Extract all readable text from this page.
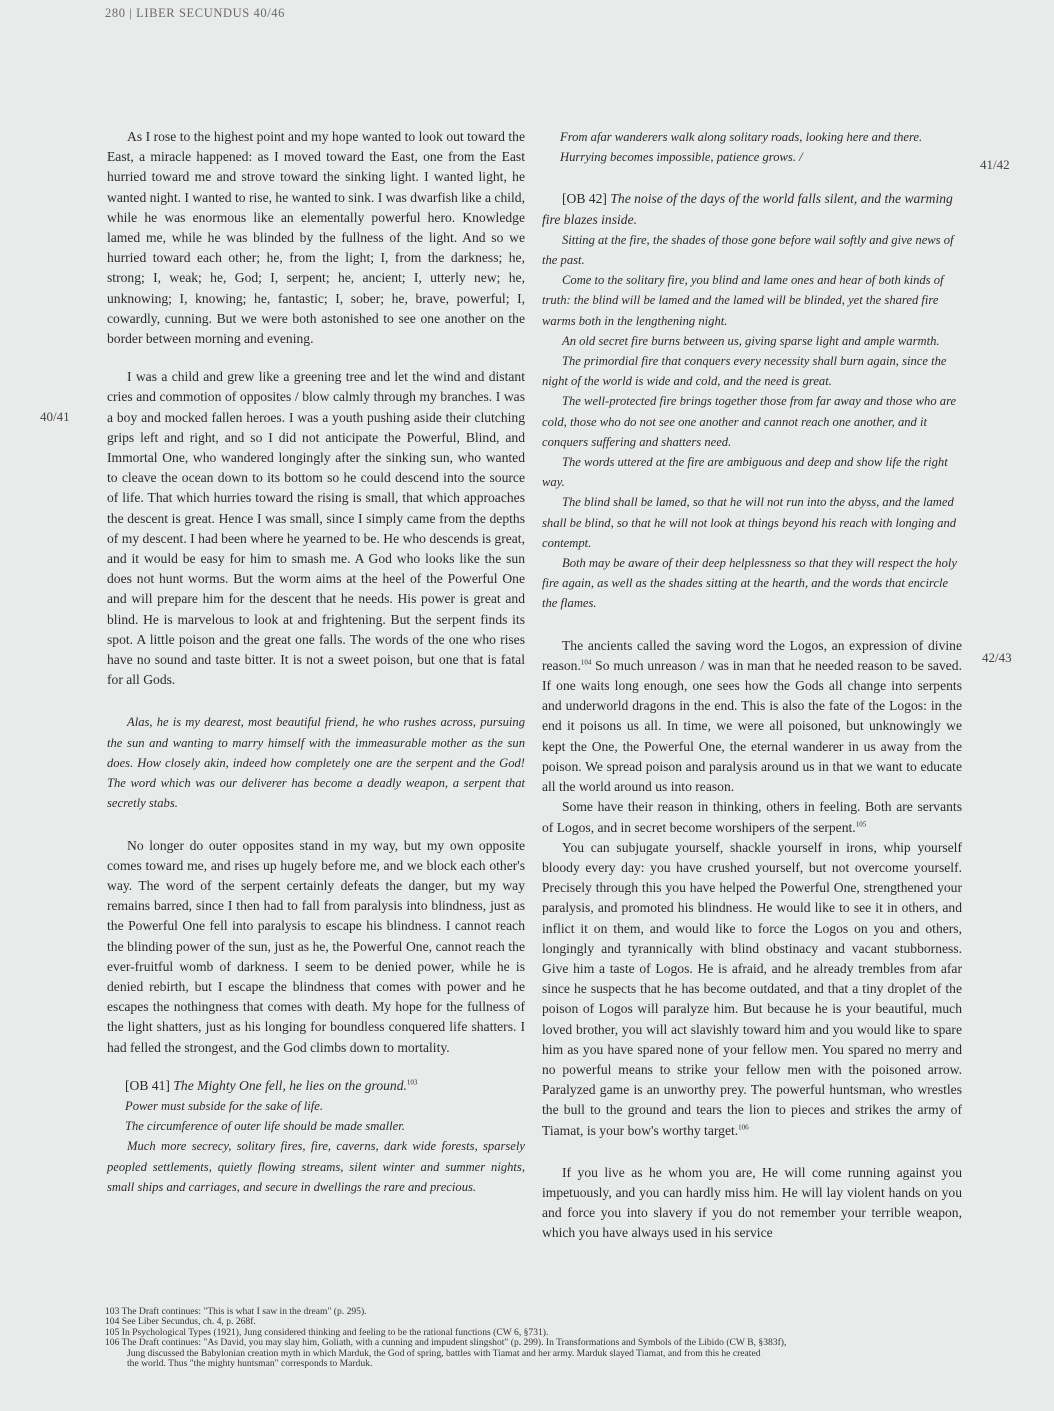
280 | LIBER SECUNDUS 40/46
40/41
41/42
42/43

As I rose to the highest point and my hope wanted to look out toward the East, a miracle happened: as I moved toward the East, one from the East hurried toward me and strove toward the sinking light. I wanted light, he wanted night. I wanted to rise, he wanted to sink. I was dwarfish like a child, while he was enormous like an elementally powerful hero. Knowledge lamed me, while he was blinded by the fullness of the light. And so we hurried toward each other; he, from the light; I, from the darkness; he, strong; I, weak; he, God; I, serpent; he, ancient; I, utterly new; he, unknowing; I, knowing; he, fantastic; I, sober; he, brave, powerful; I, cowardly, cunning. But we were both astonished to see one another on the border between morning and evening.

I was a child and grew like a greening tree and let the wind and distant cries and commotion of opposites / blow calmly through my branches. I was a boy and mocked fallen heroes. I was a youth pushing aside their clutching grips left and right, and so I did not anticipate the Powerful, Blind, and Immortal One, who wandered longingly after the sinking sun, who wanted to cleave the ocean down to its bottom so he could descend into the source of life. That which hurries toward the rising is small, that which approaches the descent is great. Hence I was small, since I simply came from the depths of my descent. I had been where he yearned to be. He who descends is great, and it would be easy for him to smash me. A God who looks like the sun does not hunt worms. But the worm aims at the heel of the Powerful One and will prepare him for the descent that he needs. His power is great and blind. He is marvelous to look at and frightening. But the serpent finds its spot. A little poison and the great one falls. The words of the one who rises have no sound and taste bitter. It is not a sweet poison, but one that is fatal for all Gods.

Alas, he is my dearest, most beautiful friend, he who rushes across, pursuing the sun and wanting to marry himself with the immeasurable mother as the sun does. How closely akin, indeed how completely one are the serpent and the God! The word which was our deliverer has become a deadly weapon, a serpent that secretly stabs.

No longer do outer opposites stand in my way, but my own opposite comes toward me, and rises up hugely before me, and we block each other's way. The word of the serpent certainly defeats the danger, but my way remains barred, since I then had to fall from paralysis into blindness, just as the Powerful One fell into paralysis to escape his blindness. I cannot reach the blinding power of the sun, just as he, the Powerful One, cannot reach the ever-fruitful womb of darkness. I seem to be denied power, while he is denied rebirth, but I escape the blindness that comes with power and he escapes the nothingness that comes with death. My hope for the fullness of the light shatters, just as his longing for boundless conquered life shatters. I had felled the strongest, and the God climbs down to mortality.

[OB 41] The Mighty One fell, he lies on the ground.$^{103}$

Power must subside for the sake of life.

The circumference of outer life should be made smaller.

Much more secrecy, solitary fires, fire, caverns, dark wide forests, sparsely peopled settlements, quietly flowing streams, silent winter and summer nights, small ships and carriages, and secure in dwellings the rare and precious.

From afar wanderers walk along solitary roads, looking here and there.

Hurrying becomes impossible, patience grows. /

[OB 42] The noise of the days of the world falls silent, and the warming fire blazes inside.

Sitting at the fire, the shades of those gone before wail softly and give news of the past.

Come to the solitary fire, you blind and lame ones and hear of both kinds of truth: the blind will be lamed and the lamed will be blinded, yet the shared fire warms both in the lengthening night.

An old secret fire burns between us, giving sparse light and ample warmth.

The primordial fire that conquers every necessity shall burn again, since the night of the world is wide and cold, and the need is great.

The well-protected fire brings together those from far away and those who are cold, those who do not see one another and cannot reach one another, and it conquers suffering and shatters need.

The words uttered at the fire are ambiguous and deep and show life the right way.

The blind shall be lamed, so that he will not run into the abyss, and the lamed shall be blind, so that he will not look at things beyond his reach with longing and contempt.

Both may be aware of their deep helplessness so that they will respect the holy fire again, as well as the shades sitting at the hearth, and the words that encircle the flames.

The ancients called the saving word the Logos, an expression of divine reason.$^{104}$ So much unreason / was in man that he needed reason to be saved. If one waits long enough, one sees how the Gods all change into serpents and underworld dragons in the end. This is also the fate of the Logos: in the end it poisons us all. In time, we were all poisoned, but unknowingly we kept the One, the Powerful One, the eternal wanderer in us away from the poison. We spread poison and paralysis around us in that we want to educate all the world around us into reason.

Some have their reason in thinking, others in feeling. Both are servants of Logos, and in secret become worshipers of the serpent.$^{105}$

You can subjugate yourself, shackle yourself in irons, whip yourself bloody every day: you have crushed yourself, but not overcome yourself. Precisely through this you have helped the Powerful One, strengthened your paralysis, and promoted his blindness. He would like to see it in others, and inflict it on them, and would like to force the Logos on you and others, longingly and tyrannically with blind obstinacy and vacant stubborness. Give him a taste of Logos. He is afraid, and he already trembles from afar since he suspects that he has become outdated, and that a tiny droplet of the poison of Logos will paralyze him. But because he is your beautiful, much loved brother, you will act slavishly toward him and you would like to spare him as you have spared none of your fellow men. You spared no merry and no powerful means to strike your fellow men with the poisoned arrow. Paralyzed game is an unworthy prey. The powerful huntsman, who wrestles the bull to the ground and tears the lion to pieces and strikes the army of Tiamat, is your bow's worthy target.$^{106}$

If you live as he whom you are, He will come running against you impetuously, and you can hardly miss him. He will lay violent hands on you and force you into slavery if you do not remember your terrible weapon, which you have always used in his service

103 The Draft continues: "This is what I saw in the dream" (p. 295).
104 See Liber Secundus, ch. 4, p. 268f.
105 In Psychological Types (1921), Jung considered thinking and feeling to be the rational functions (CW 6, §731).
106 The Draft continues: "As David, you may slay him, Goliath, with a cunning and impudent slingshot" (p. 299). In Transformations and Symbols of the Libido (CW B, §383f),
Jung discussed the Babylonian creation myth in which Marduk, the God of spring, battles with Tiamat and her army. Marduk slayed Tiamat, and from this he created
the world. Thus "the mighty huntsman" corresponds to Marduk.
